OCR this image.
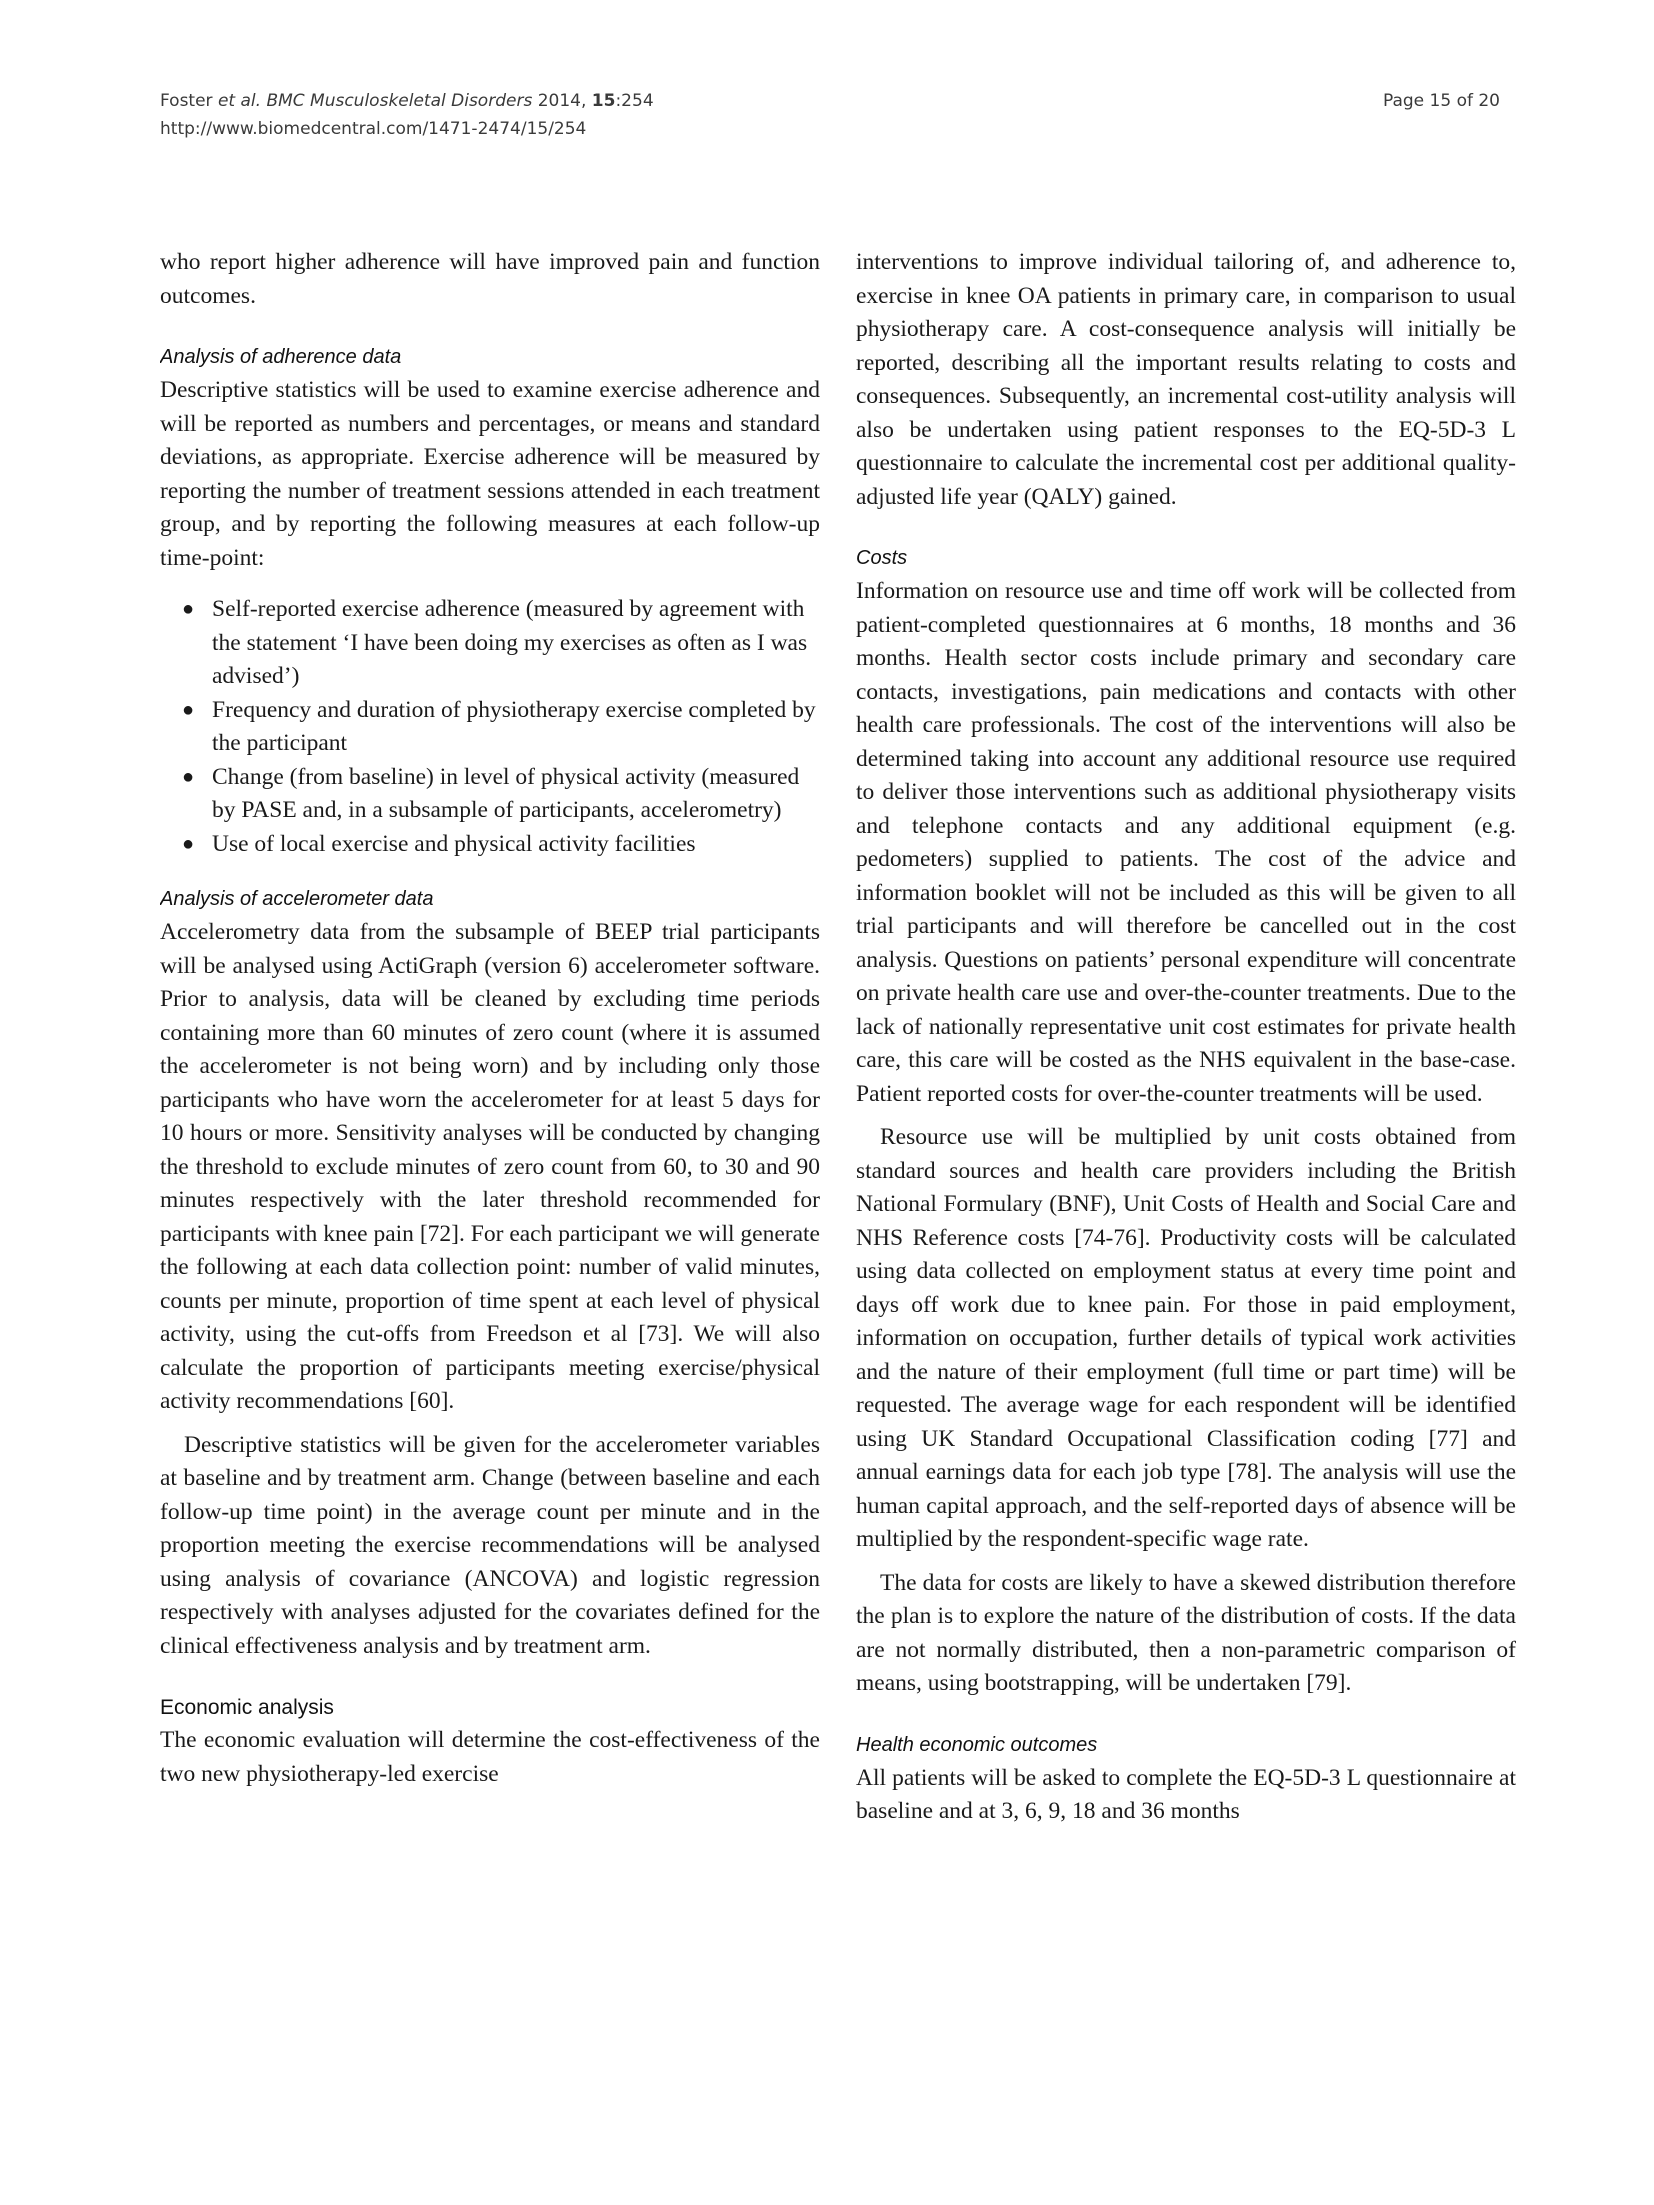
Foster et al. BMC Musculoskeletal Disorders 2014, 15:254
http://www.biomedcentral.com/1471-2474/15/254
Page 15 of 20

who report higher adherence will have improved pain and function outcomes.

Analysis of adherence data

Descriptive statistics will be used to examine exercise adherence and will be reported as numbers and percentages, or means and standard deviations, as appropriate. Exercise adherence will be measured by reporting the number of treatment sessions attended in each treatment group, and by reporting the following measures at each follow-up time-point:

● Self-reported exercise adherence (measured by agreement with the statement ‘I have been doing my exercises as often as I was advised’)
● Frequency and duration of physiotherapy exercise completed by the participant
● Change (from baseline) in level of physical activity (measured by PASE and, in a subsample of participants, accelerometry)
● Use of local exercise and physical activity facilities

Analysis of accelerometer data

Accelerometry data from the subsample of BEEP trial participants will be analysed using ActiGraph (version 6) accelerometer software. Prior to analysis, data will be cleaned by excluding time periods containing more than 60 minutes of zero count (where it is assumed the accelerometer is not being worn) and by including only those participants who have worn the accelerometer for at least 5 days for 10 hours or more. Sensitivity analyses will be conducted by changing the threshold to exclude minutes of zero count from 60, to 30 and 90 minutes respectively with the later threshold recommended for participants with knee pain [72]. For each participant we will generate the following at each data collection point: number of valid minutes, counts per minute, proportion of time spent at each level of physical activity, using the cut-offs from Freedson et al [73]. We will also calculate the proportion of participants meeting exercise/physical activity recommendations [60].

Descriptive statistics will be given for the accelerometer variables at baseline and by treatment arm. Change (between baseline and each follow-up time point) in the average count per minute and in the proportion meeting the exercise recommendations will be analysed using analysis of covariance (ANCOVA) and logistic regression respectively with analyses adjusted for the covariates defined for the clinical effectiveness analysis and by treatment arm.

Economic analysis

The economic evaluation will determine the cost-effectiveness of the two new physiotherapy-led exercise

interventions to improve individual tailoring of, and adherence to, exercise in knee OA patients in primary care, in comparison to usual physiotherapy care. A cost-consequence analysis will initially be reported, describing all the important results relating to costs and consequences. Subsequently, an incremental cost-utility analysis will also be undertaken using patient responses to the EQ-5D-3 L questionnaire to calculate the incremental cost per additional quality-adjusted life year (QALY) gained.

Costs

Information on resource use and time off work will be collected from patient-completed questionnaires at 6 months, 18 months and 36 months. Health sector costs include primary and secondary care contacts, investigations, pain medications and contacts with other health care professionals. The cost of the interventions will also be determined taking into account any additional resource use required to deliver those interventions such as additional physiotherapy visits and telephone contacts and any additional equipment (e.g. pedometers) supplied to patients. The cost of the advice and information booklet will not be included as this will be given to all trial participants and will therefore be cancelled out in the cost analysis. Questions on patients’ personal expenditure will concentrate on private health care use and over-the-counter treatments. Due to the lack of nationally representative unit cost estimates for private health care, this care will be costed as the NHS equivalent in the base-case. Patient reported costs for over-the-counter treatments will be used.

Resource use will be multiplied by unit costs obtained from standard sources and health care providers including the British National Formulary (BNF), Unit Costs of Health and Social Care and NHS Reference costs [74-76]. Productivity costs will be calculated using data collected on employment status at every time point and days off work due to knee pain. For those in paid employment, information on occupation, further details of typical work activities and the nature of their employment (full time or part time) will be requested. The average wage for each respondent will be identified using UK Standard Occupational Classification coding [77] and annual earnings data for each job type [78]. The analysis will use the human capital approach, and the self-reported days of absence will be multiplied by the respondent-specific wage rate.

The data for costs are likely to have a skewed distribution therefore the plan is to explore the nature of the distribution of costs. If the data are not normally distributed, then a non-parametric comparison of means, using bootstrapping, will be undertaken [79].

Health economic outcomes

All patients will be asked to complete the EQ-5D-3 L questionnaire at baseline and at 3, 6, 9, 18 and 36 months
